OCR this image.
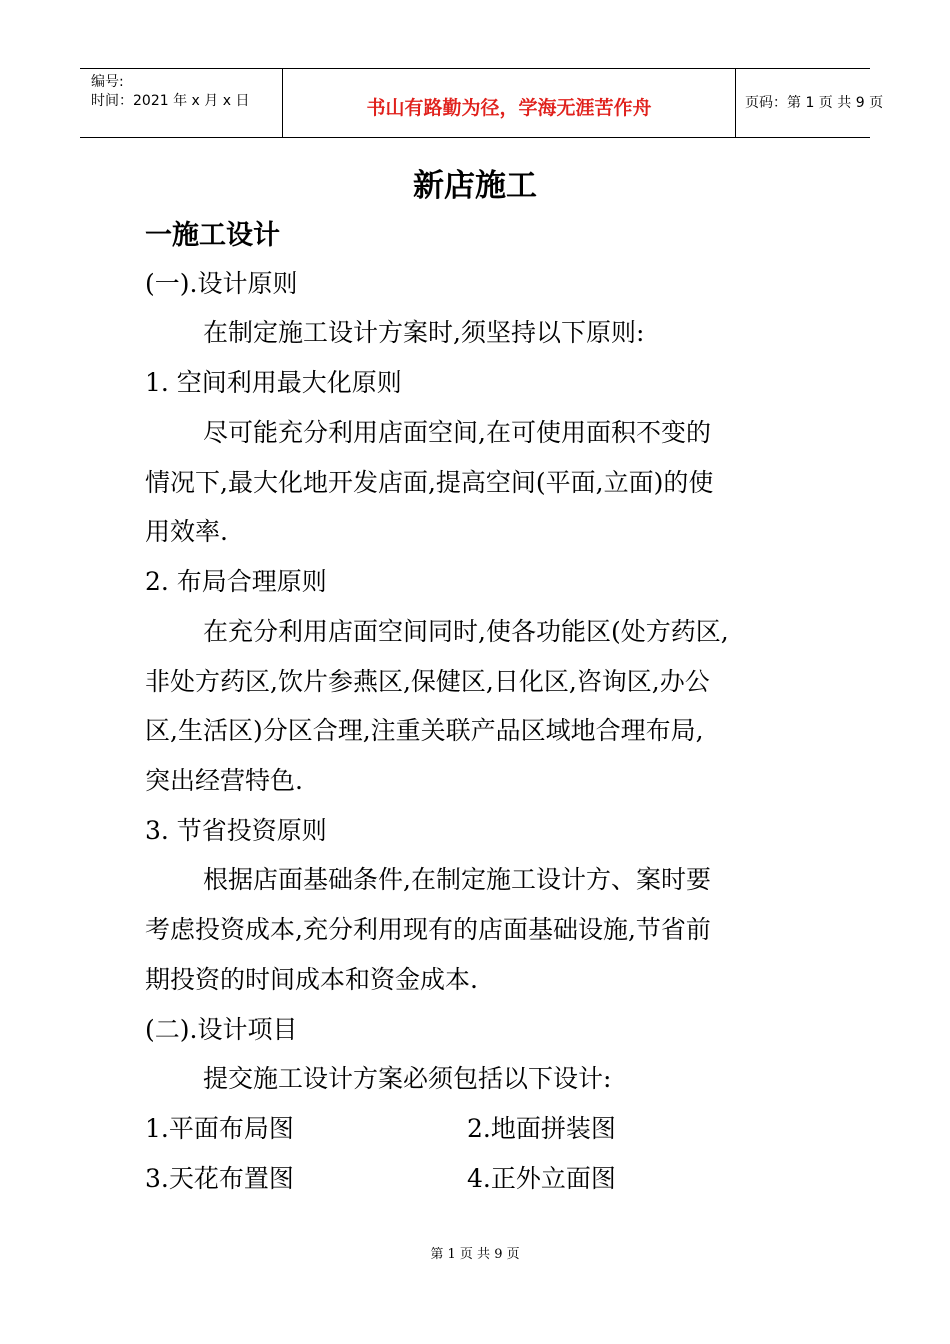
编号:
时间：2021 年 x 月 x 日	书山有路勤为径，学海无涯苦作舟	页码：第 1 页 共 9 页
新店施工
一施工设计
(一).设计原则
在制定施工设计方案时,须坚持以下原则:
1. 空间利用最大化原则
尽可能充分利用店面空间,在可使用面积不变的
情况下,最大化地开发店面,提高空间(平面,立面)的使
用效率.
2. 布局合理原则
在充分利用店面空间同时,使各功能区(处方药区,
非处方药区,饮片参燕区,保健区,日化区,咨询区,办公
区,生活区)分区合理,注重关联产品区域地合理布局,
突出经营特色.
3. 节省投资原则
根据店面基础条件,在制定施工设计方、案时要
考虑投资成本,充分利用现有的店面基础设施,节省前
期投资的时间成本和资金成本.
(二).设计项目
提交施工设计方案必须包括以下设计:
1.平面布局图	2.地面拼装图
3.天花布置图	4.正外立面图
第 1 页 共 9 页
